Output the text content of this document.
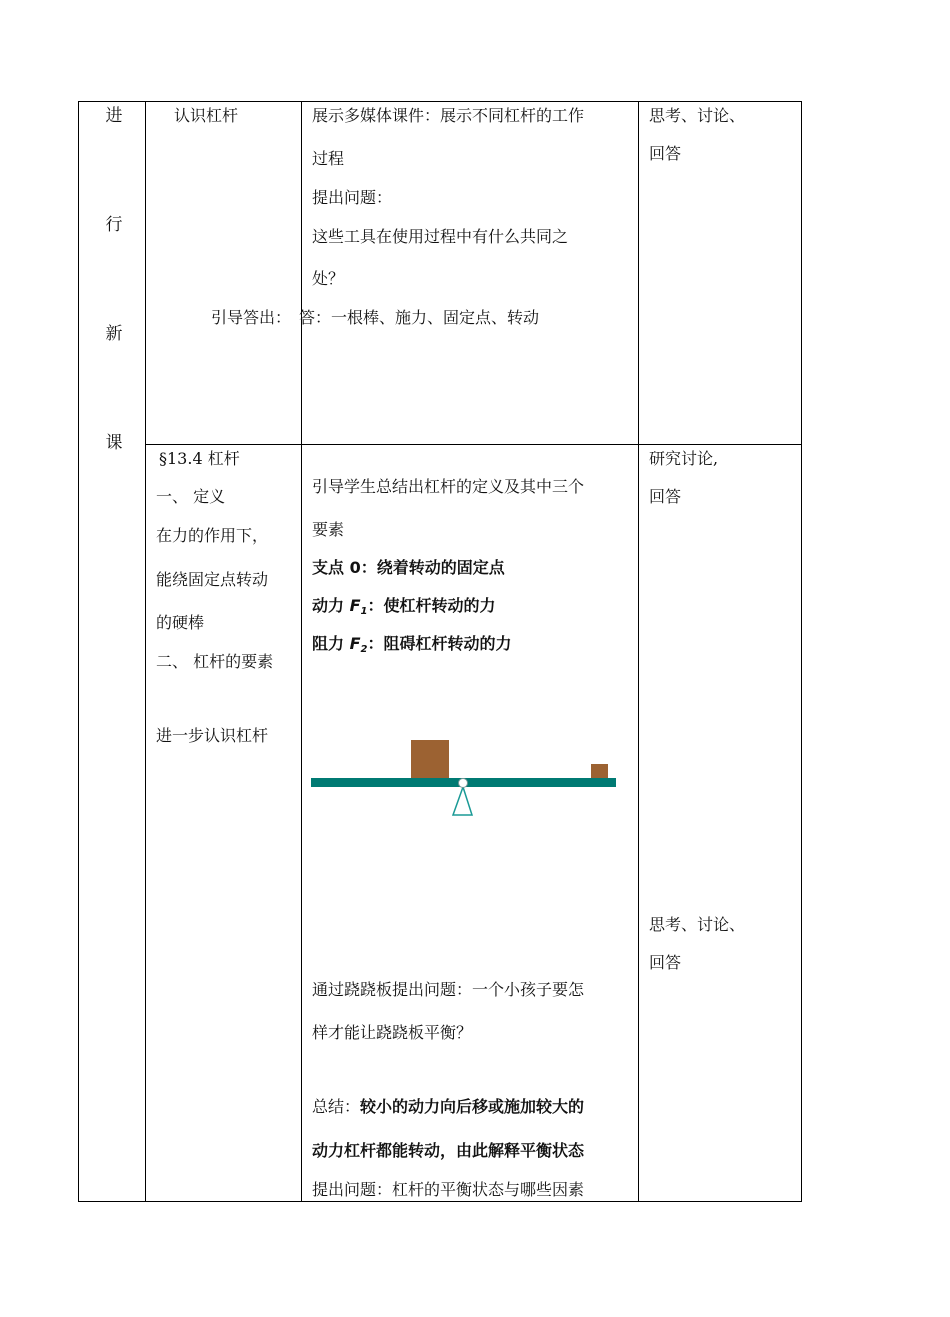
进
行
新
课
认识杠杆	展示多媒体课件：展示不同杠杆的工作
过程
提出问题：
这些工具在使用过程中有什么共同之
处？
引导答出： 答：一根棒、施力、固定点、转动
思考、讨论、
回答
§13.4 杠杆
一、 定义
在力的作用下，
能绕固定点转动
的硬棒
二、 杠杆的要素
进一步认识杠杆
引导学生总结出杠杆的定义及其中三个
要素
支点 0：绕着转动的固定点
动力 $F_1$：使杠杆转动的力
阻力 $F_2$：阻碍杠杆转动的力
通过跷跷板提出问题：一个小孩子要怎
样才能让跷跷板平衡？
总结：较小的动力向后移或施加较大的
动力杠杆都能转动，由此解释平衡状态
提出问题：杠杆的平衡状态与哪些因素
研究讨论,
回答
思考、讨论、
回答
